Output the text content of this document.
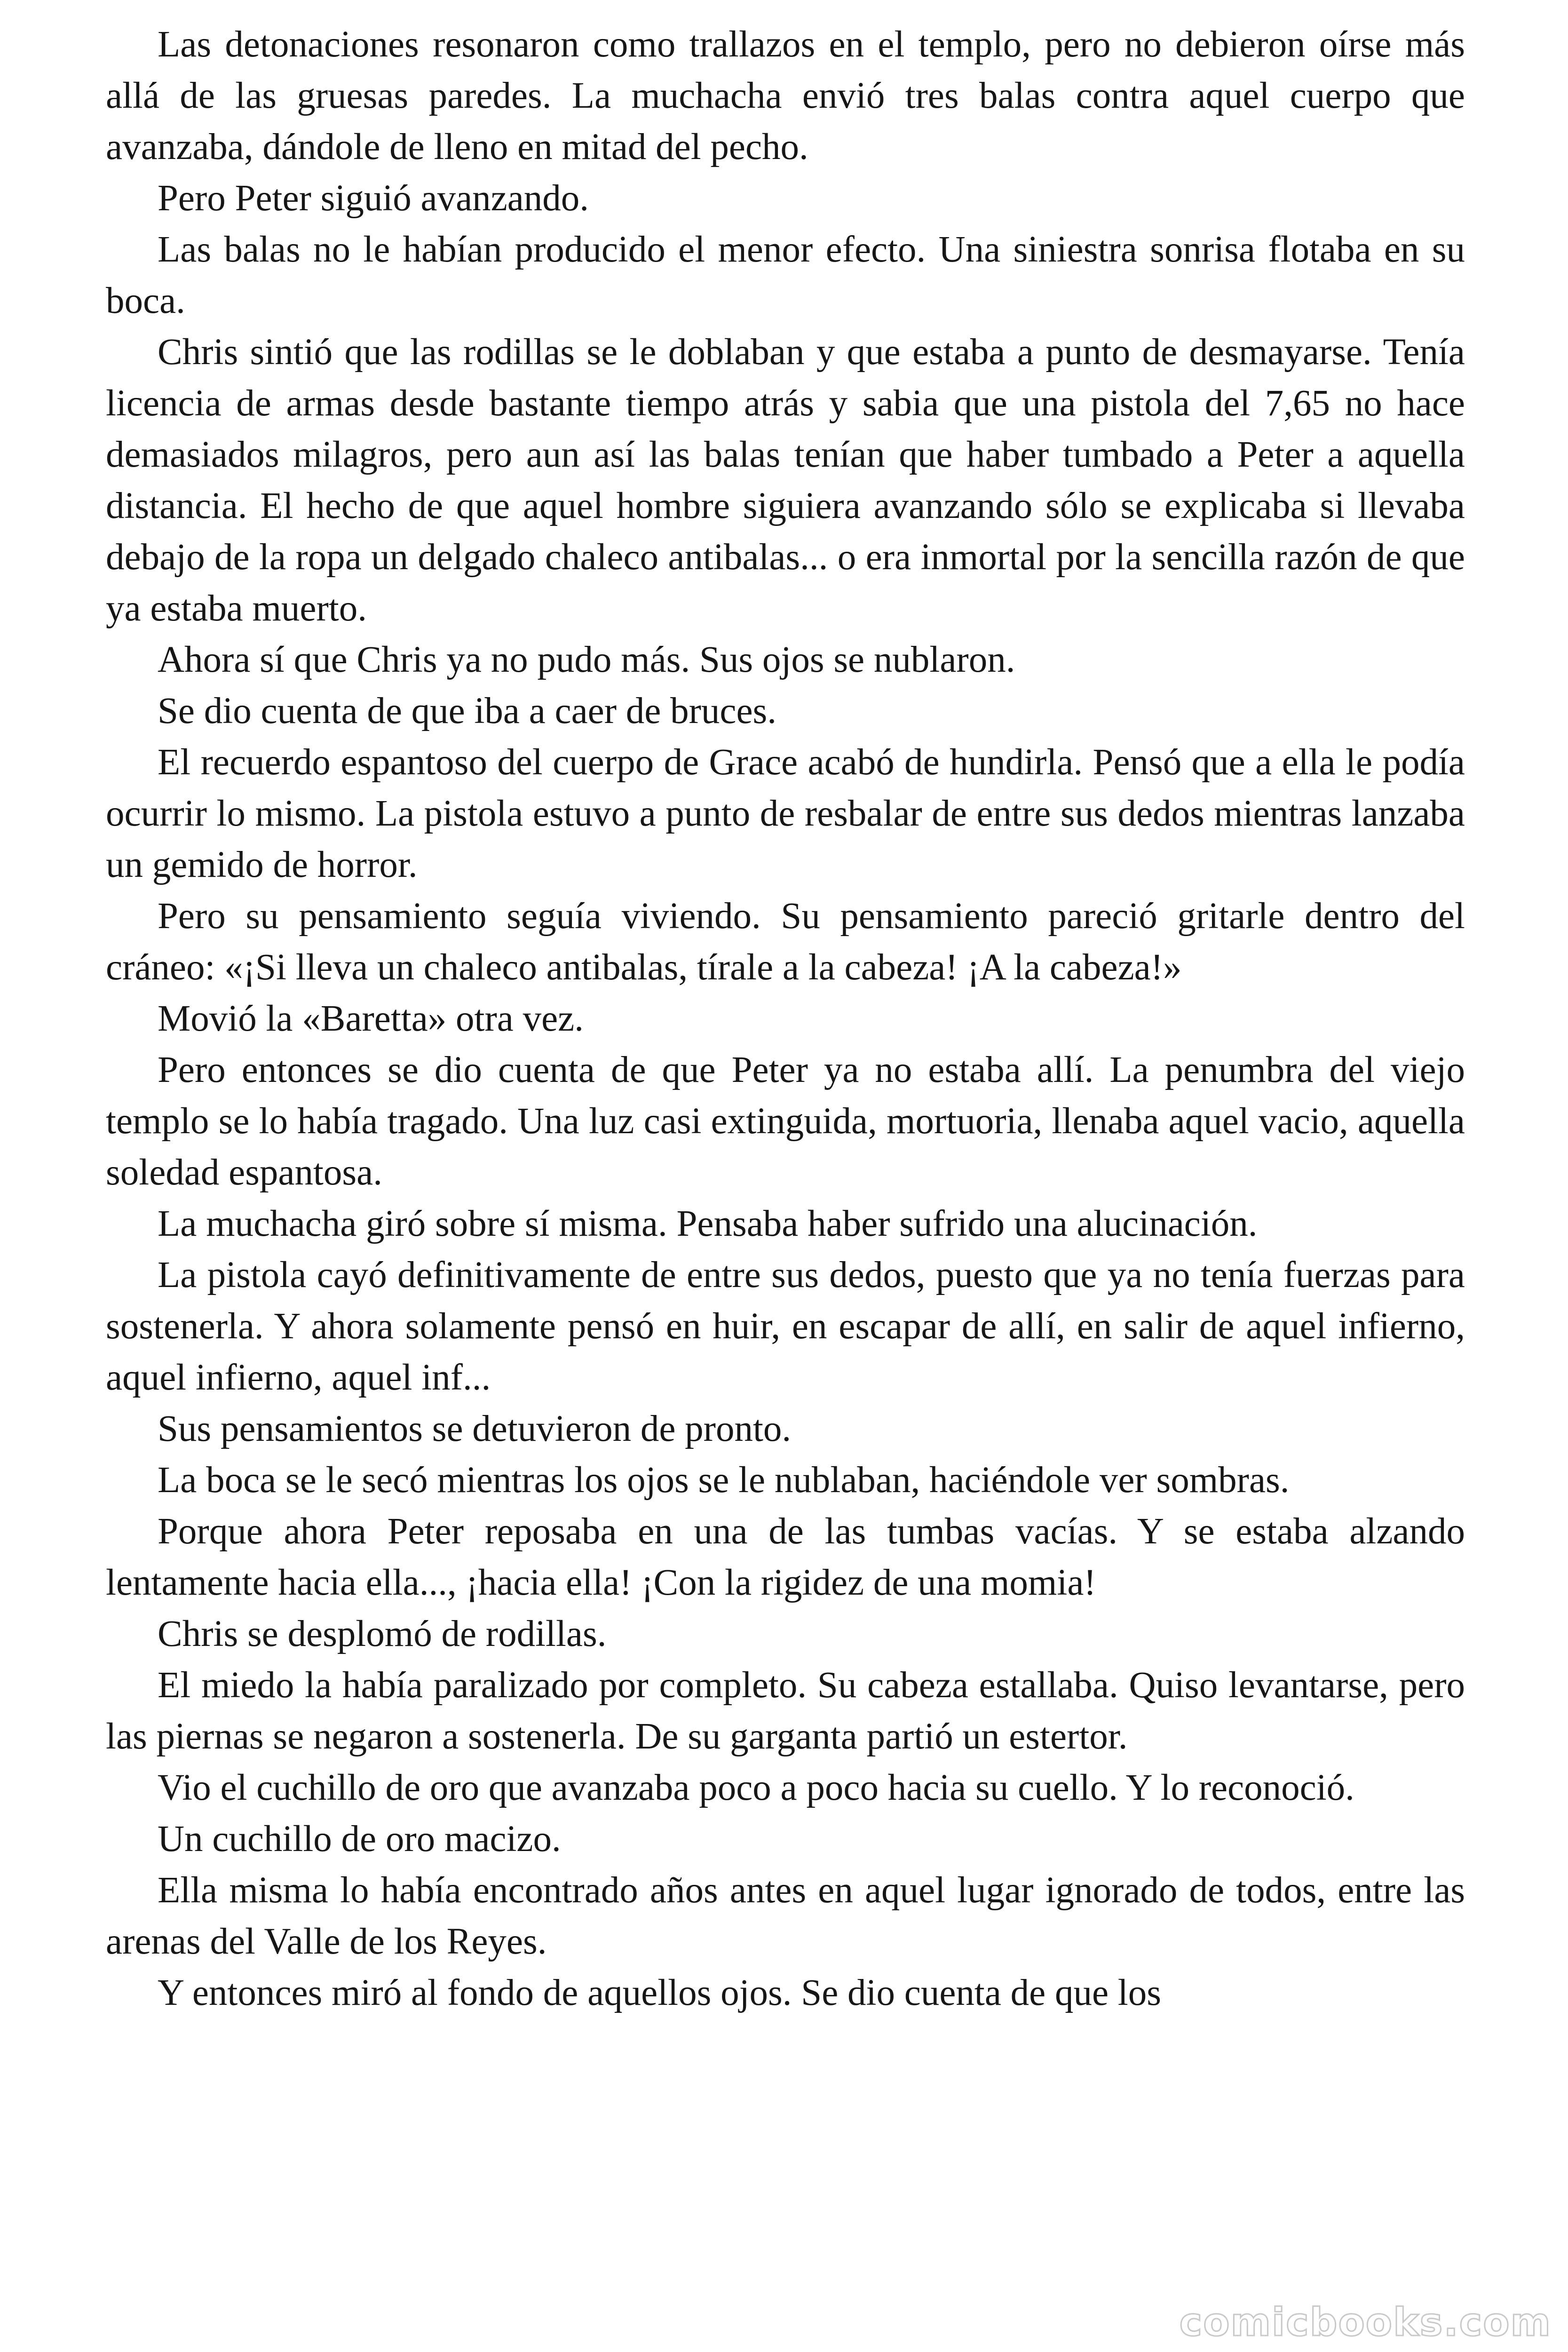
Las detonaciones resonaron como trallazos en el templo, pero no debieron oírse más allá de las gruesas paredes. La muchacha envió tres balas contra aquel cuerpo que avanzaba, dándole de lleno en mitad del pecho.

Pero Peter siguió avanzando.

Las balas no le habían producido el menor efecto. Una siniestra sonrisa flotaba en su boca.

Chris sintió que las rodillas se le doblaban y que estaba a punto de desmayarse. Tenía licencia de armas desde bastante tiempo atrás y sabia que una pistola del 7,65 no hace demasiados milagros, pero aun así las balas tenían que haber tumbado a Peter a aquella distancia. El hecho de que aquel hombre siguiera avanzando sólo se explicaba si llevaba debajo de la ropa un delgado chaleco antibalas... o era inmortal por la sencilla razón de que ya estaba muerto.

Ahora sí que Chris ya no pudo más. Sus ojos se nublaron.

Se dio cuenta de que iba a caer de bruces.

El recuerdo espantoso del cuerpo de Grace acabó de hundirla. Pensó que a ella le podía ocurrir lo mismo. La pistola estuvo a punto de resbalar de entre sus dedos mientras lanzaba un gemido de horror.

Pero su pensamiento seguía viviendo. Su pensamiento pareció gritarle dentro del cráneo: «¡Si lleva un chaleco antibalas, tírale a la cabeza! ¡A la cabeza!»

Movió la «Baretta» otra vez.

Pero entonces se dio cuenta de que Peter ya no estaba allí. La penumbra del viejo templo se lo había tragado. Una luz casi extinguida, mortuoria, llenaba aquel vacio, aquella soledad espantosa.

La muchacha giró sobre sí misma. Pensaba haber sufrido una alucinación.

La pistola cayó definitivamente de entre sus dedos, puesto que ya no tenía fuerzas para sostenerla. Y ahora solamente pensó en huir, en escapar de allí, en salir de aquel infierno, aquel infierno, aquel inf...

Sus pensamientos se detuvieron de pronto.

La boca se le secó mientras los ojos se le nublaban, haciéndole ver sombras.

Porque ahora Peter reposaba en una de las tumbas vacías. Y se estaba alzando lentamente hacia ella..., ¡hacia ella! ¡Con la rigidez de una momia!

Chris se desplomó de rodillas.

El miedo la había paralizado por completo. Su cabeza estallaba. Quiso levantarse, pero las piernas se negaron a sostenerla. De su garganta partió un estertor.

Vio el cuchillo de oro que avanzaba poco a poco hacia su cuello. Y lo reconoció.

Un cuchillo de oro macizo.

Ella misma lo había encontrado años antes en aquel lugar ignorado de todos, entre las arenas del Valle de los Reyes.

Y entonces miró al fondo de aquellos ojos. Se dio cuenta de que los

comicbooks.com
